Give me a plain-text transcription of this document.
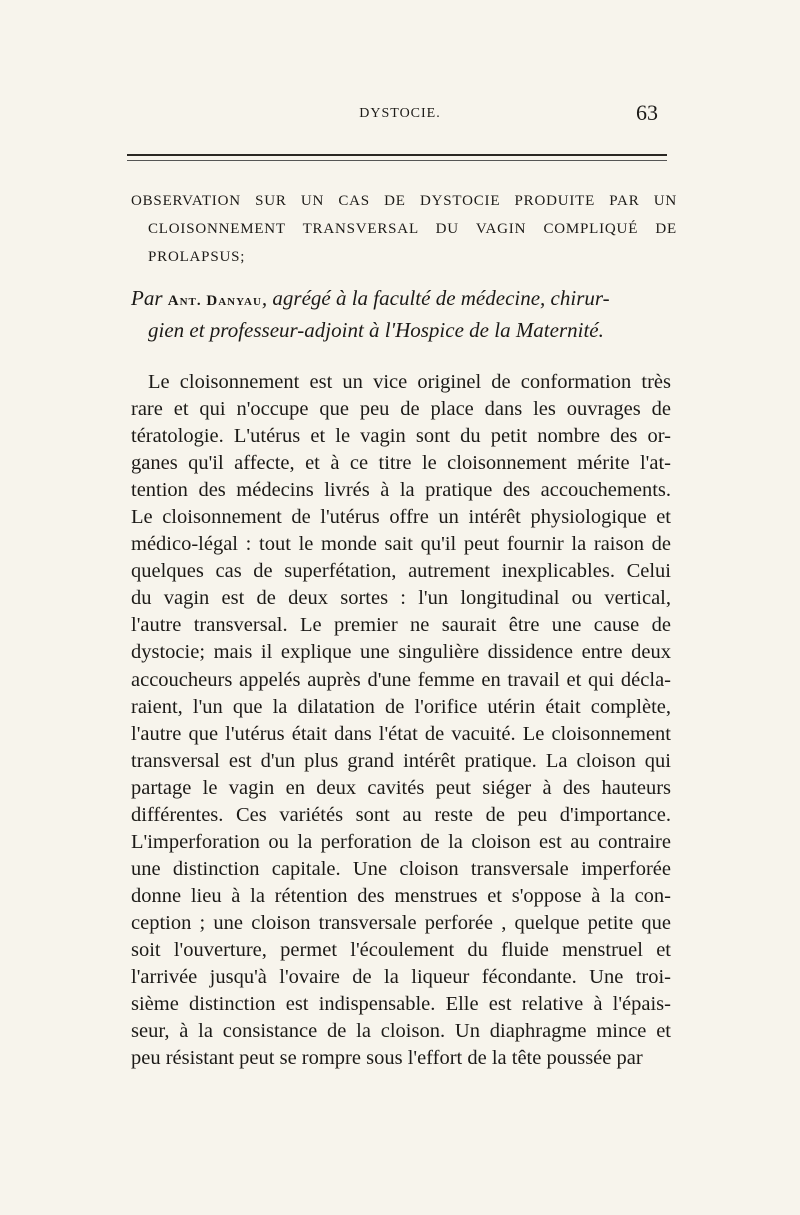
DYSTOCIE.	63
OBSERVATION SUR UN CAS DE DYSTOCIE PRODUITE PAR UN
CLOISONNEMENT TRANSVERSAL DU VAGIN COMPLIQUÉ DE
PROLAPSUS;
Par Ant. Danyau, agrégé à la faculté de médecine, chirur-
gien et professeur-adjoint à l'Hospice de la Maternité.
Le cloisonnement est un vice originel de conformation très
rare et qui n'occupe que peu de place dans les ouvrages de
tératologie. L'utérus et le vagin sont du petit nombre des or-
ganes qu'il affecte, et à ce titre le cloisonnement mérite l'at-
tention des médecins livrés à la pratique des accouchements.
Le cloisonnement de l'utérus offre un intérêt physiologique et
médico-légal : tout le monde sait qu'il peut fournir la raison de
quelques cas de superfétation, autrement inexplicables. Celui
du vagin est de deux sortes : l'un longitudinal ou vertical,
l'autre transversal. Le premier ne saurait être une cause de
dystocie; mais il explique une singulière dissidence entre deux
accoucheurs appelés auprès d'une femme en travail et qui décla-
raient, l'un que la dilatation de l'orifice utérin était complète,
l'autre que l'utérus était dans l'état de vacuité. Le cloisonnement
transversal est d'un plus grand intérêt pratique. La cloison qui
partage le vagin en deux cavités peut siéger à des hauteurs
différentes. Ces variétés sont au reste de peu d'importance.
L'imperforation ou la perforation de la cloison est au contraire
une distinction capitale. Une cloison transversale imperforée
donne lieu à la rétention des menstrues et s'oppose à la con-
ception ; une cloison transversale perforée , quelque petite que
soit l'ouverture, permet l'écoulement du fluide menstruel et
l'arrivée jusqu'à l'ovaire de la liqueur fécondante. Une troi-
sième distinction est indispensable. Elle est relative à l'épais-
seur, à la consistance de la cloison. Un diaphragme mince et
peu résistant peut se rompre sous l'effort de la tête poussée par
